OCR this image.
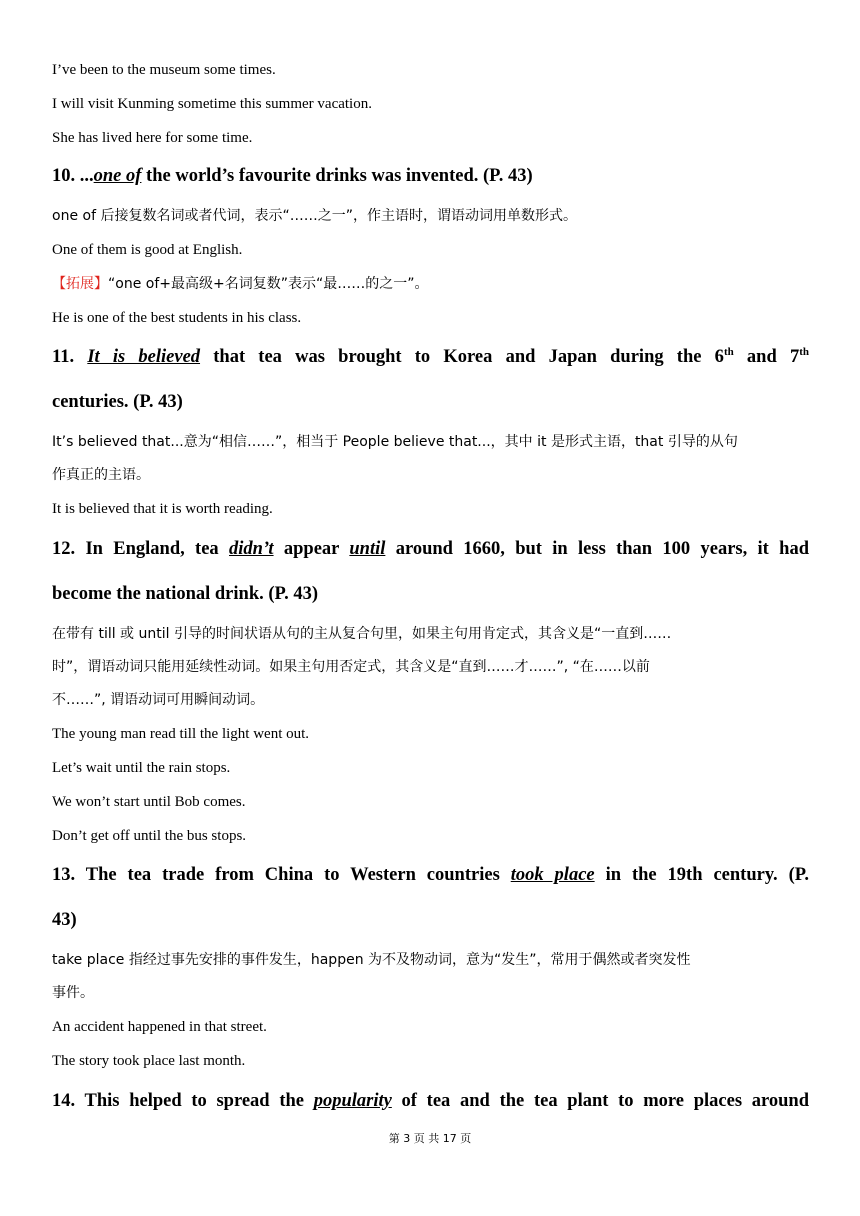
I’ve been to the museum some times.
I will visit Kunming sometime this summer vacation.
She has lived here for some time.
10. ...one of the world’s favourite drinks was invented. (P. 43)
one of 后接复数名词或者代词，表示“……之一”，作主语时，谓语动词用单数形式。
One of them is good at English.
【拓展】“one of+最高级+名词复数”表示“最……的之一”。
He is one of the best students in his class.
11. It is believed that tea was brought to Korea and Japan during the 6th and 7th
centuries. (P. 43)
It’s believed that...意为“相信……”，相当于 People believe that...，其中 it 是形式主语，that 引导的从句
作真正的主语。
It is believed that it is worth reading.
12. In England, tea didn’t appear until around 1660, but in less than 100 years, it had
become the national drink. (P. 43)
在带有 till 或 until 引导的时间状语从句的主从复合句里，如果主句用肯定式，其含义是“一直到……
时”，谓语动词只能用延续性动词。如果主句用否定式，其含义是“直到……才……”, “在……以前
不……”, 谓语动词可用瞬间动词。
The young man read till the light went out.
Let’s wait until the rain stops.
We won’t start until Bob comes.
Don’t get off until the bus stops.
13. The tea trade from China to Western countries took place in the 19th century. (P.
43)
take place 指经过事先安排的事件发生，happen 为不及物动词，意为“发生”，常用于偶然或者突发性
事件。
An accident happened in that street.
The story took place last month.
14. This helped to spread the popularity of tea and the tea plant to more places around
第 3 页 共 17 页
